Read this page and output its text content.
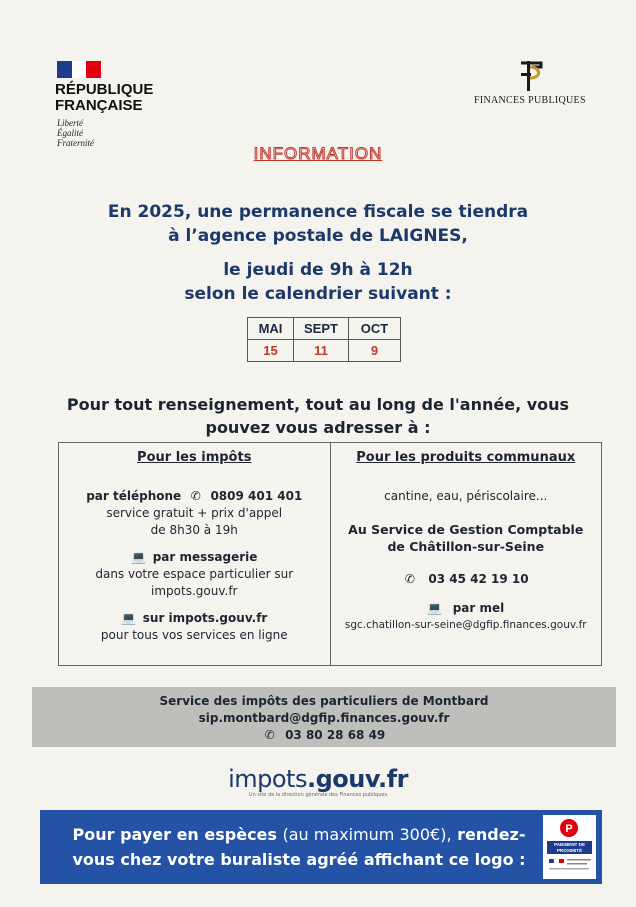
RÉPUBLIQUE
FRANÇAISE
Liberté
Égalité
Fraternité
FINANCES PUBLIQUES
INFORMATION
En 2025, une permanence fiscale se tiendra
à l’agence postale de LAIGNES,
le jeudi de 9h à 12h
selon le calendrier suivant :
MAI	SEPT	OCT
15	11	9
Pour tout renseignement, tout au long de l'année, vous
pouvez vous adresser à :
Pour les impôts
par téléphone ✆ 0809 401 401
service gratuit + prix d'appel
de 8h30 à 19h
💻 par messagerie
dans votre espace particulier sur
impots.gouv.fr
💻 sur impots.gouv.fr
pour tous vos services en ligne
Pour les produits communaux
cantine, eau, périscolaire...
Au Service de Gestion Comptable
de Châtillon-sur-Seine
✆ 03 45 42 19 10
💻 par mel
sgc.chatillon-sur-seine@dgfip.finances.gouv.fr
Service des impôts des particuliers de Montbard
sip.montbard@dgfip.finances.gouv.fr
✆ 03 80 28 68 49
impots.gouv.fr
Un site de la direction générale des Finances publiques
Pour payer en espèces (au maximum 300€), rendez-
vous chez votre buraliste agréé affichant ce logo :
P
PAIEMENT DE PROXIMITÉ
